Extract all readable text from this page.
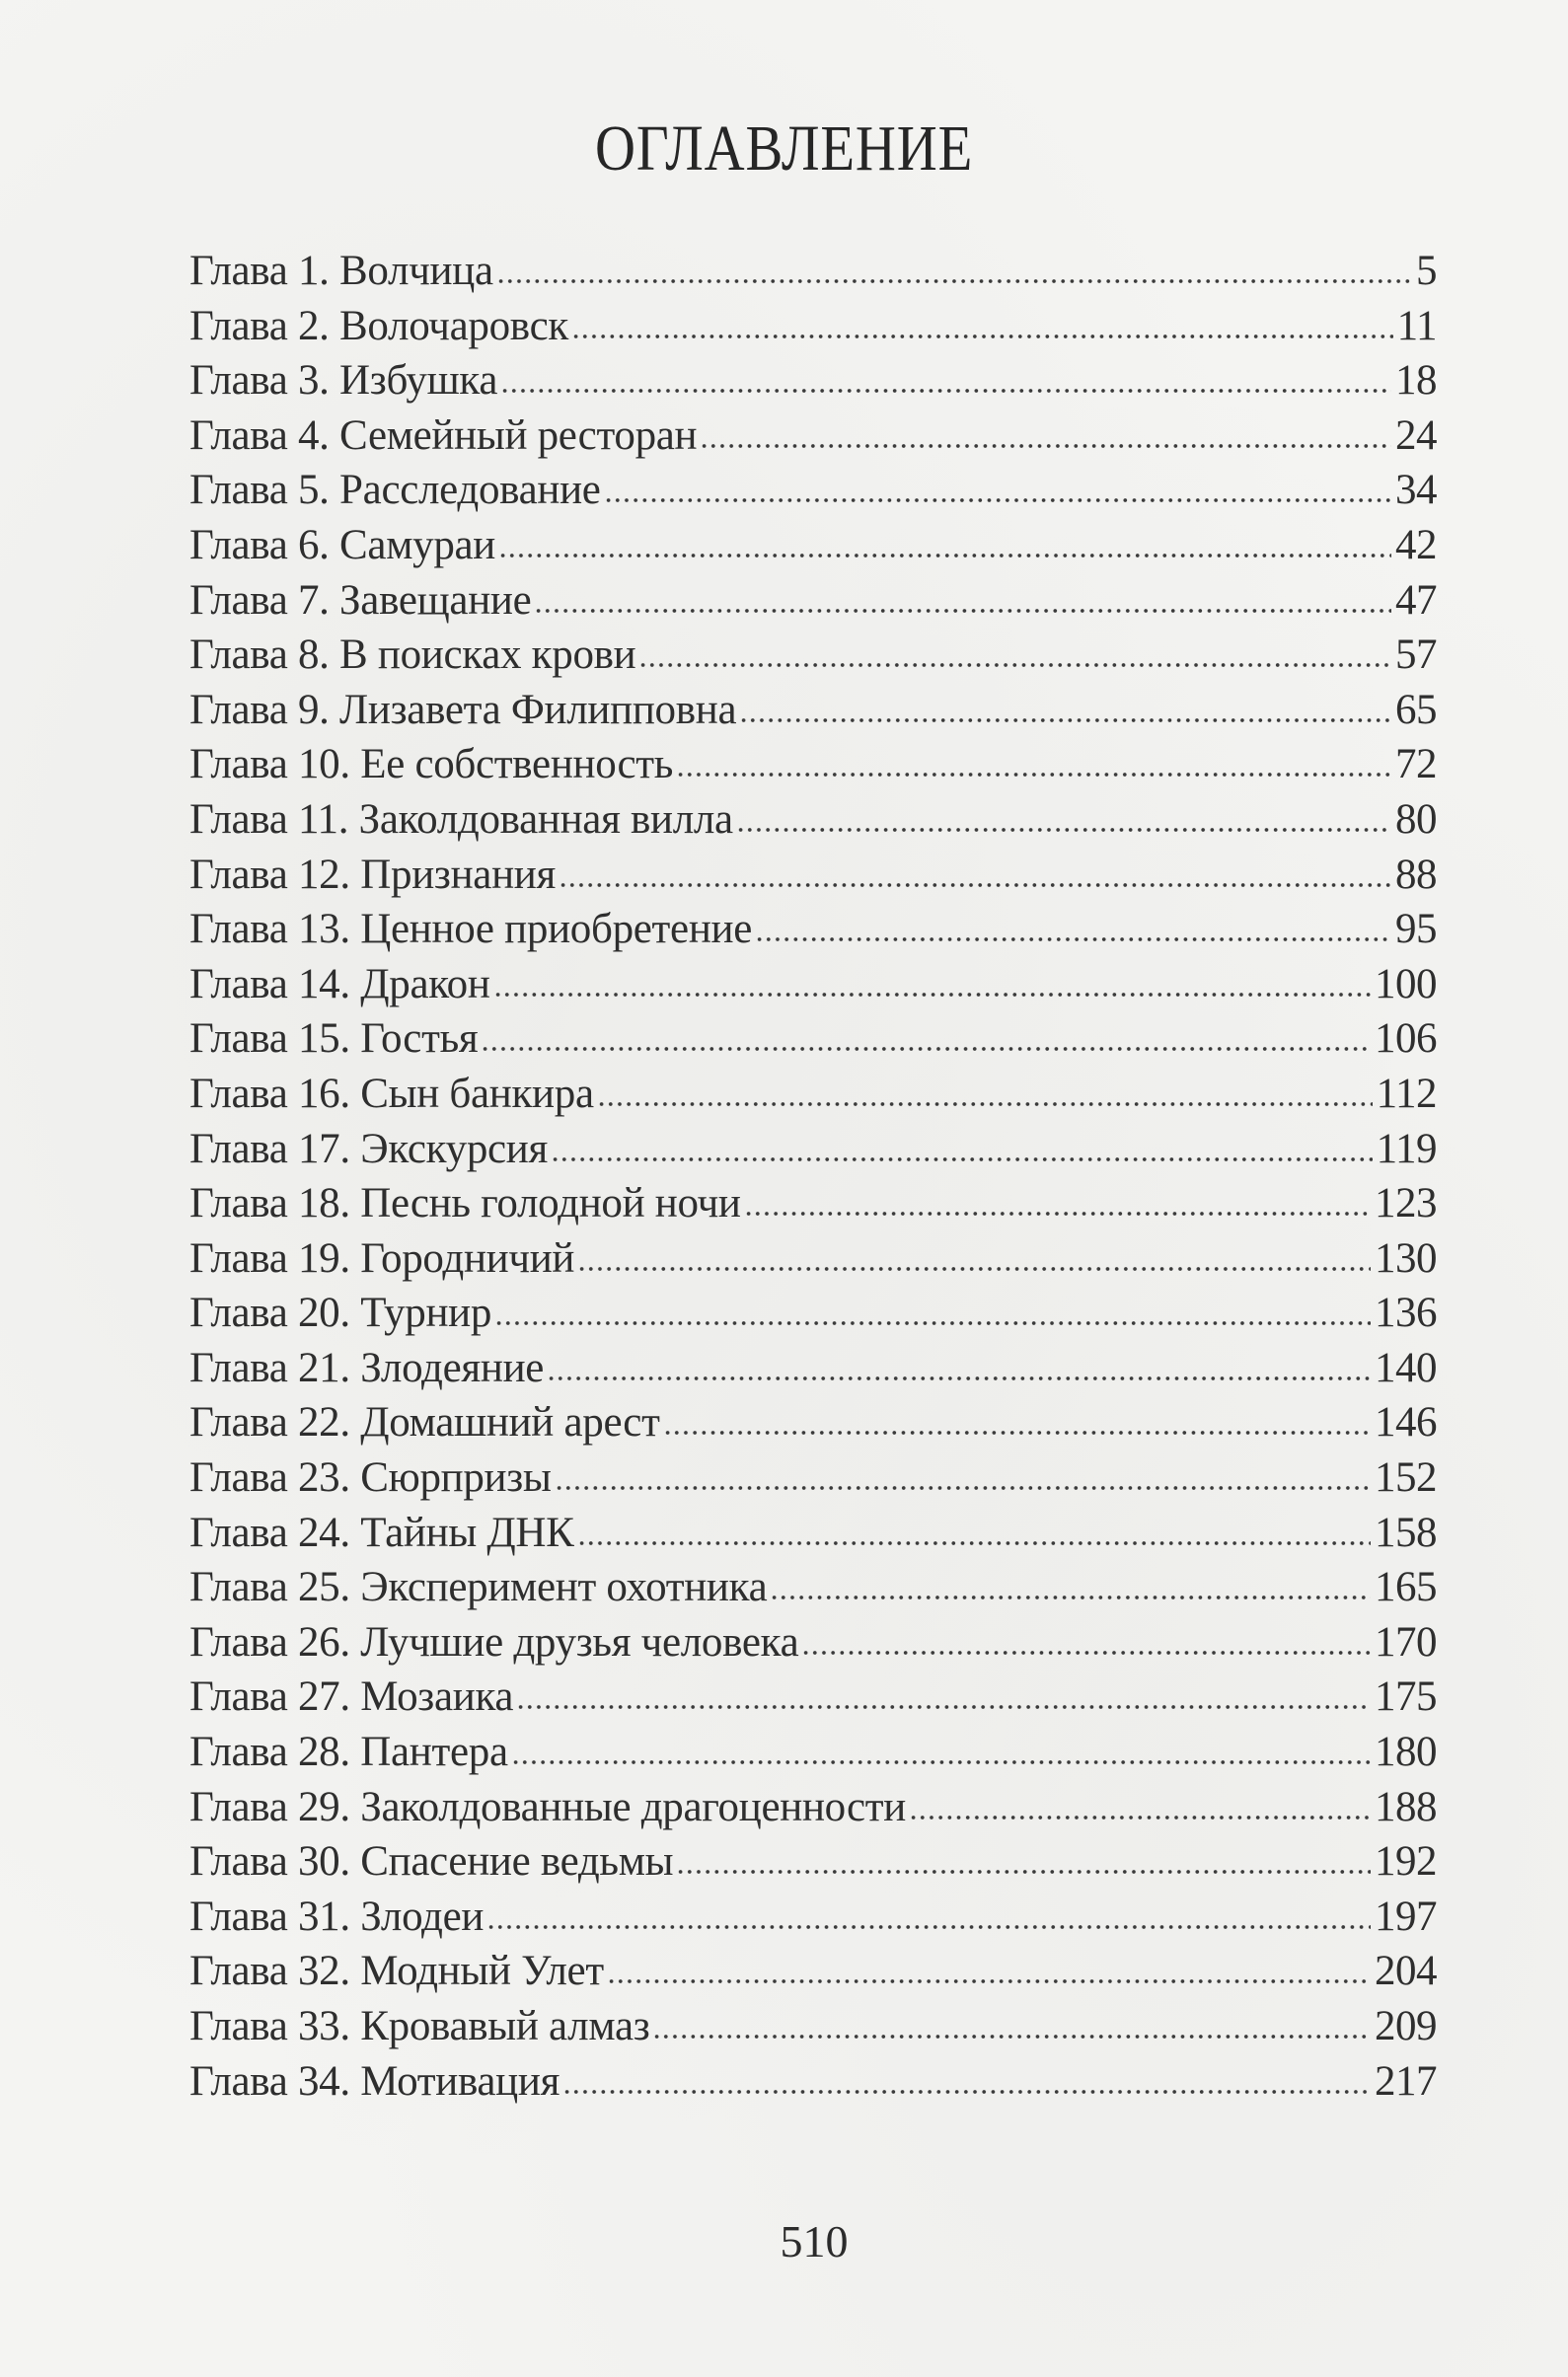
ОГЛАВЛЕНИЕ
Глава 1. Волчица	5
Глава 2. Волочаровск	11
Глава 3. Избушка	18
Глава 4. Семейный ресторан	24
Глава 5. Расследование	34
Глава 6. Самураи	42
Глава 7. Завещание	47
Глава 8. В поисках крови	57
Глава 9. Лизавета Филипповна	65
Глава 10. Ее собственность	72
Глава 11. Заколдованная вилла	80
Глава 12. Признания	88
Глава 13. Ценное приобретение	95
Глава 14. Дракон	100
Глава 15. Гостья	106
Глава 16. Сын банкира	112
Глава 17. Экскурсия	119
Глава 18. Песнь голодной ночи	123
Глава 19. Городничий	130
Глава 20. Турнир	136
Глава 21. Злодеяние	140
Глава 22. Домашний арест	146
Глава 23. Сюрпризы	152
Глава 24. Тайны ДНК	158
Глава 25. Эксперимент охотника	165
Глава 26. Лучшие друзья человека	170
Глава 27. Мозаика	175
Глава 28. Пантера	180
Глава 29. Заколдованные драгоценности	188
Глава 30. Спасение ведьмы	192
Глава 31. Злодеи	197
Глава 32. Модный Улет	204
Глава 33. Кровавый алмаз	209
Глава 34. Мотивация	217
510
